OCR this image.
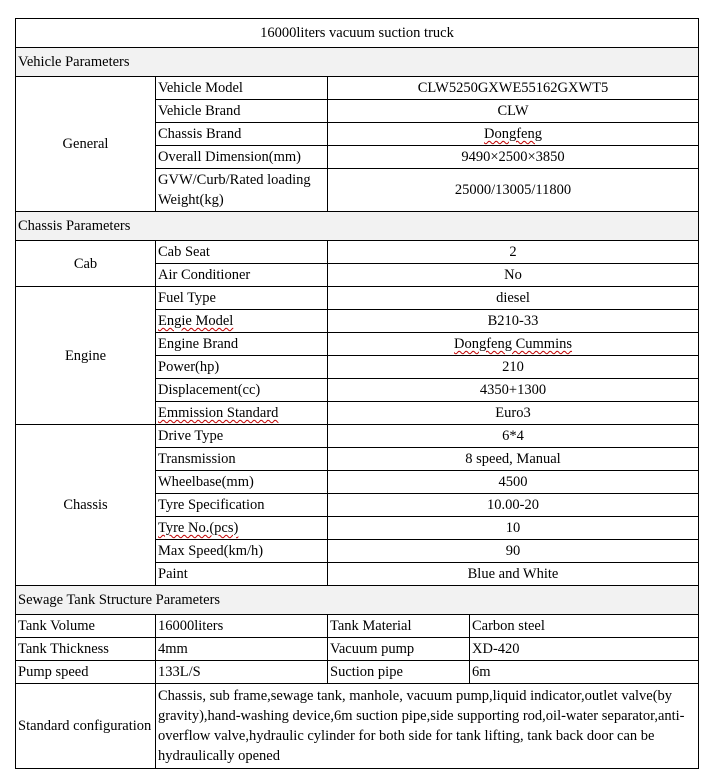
16000liters vacuum suction truck			
Vehicle Parameters			
General	Vehicle Model	CLW5250GXWE55162GXWT5	
	Vehicle Brand	CLW	
	Chassis Brand	Dongfeng	
	Overall Dimension(mm)	9490×2500×3850	
	GVW/Curb/Rated loading Weight(kg)	25000/13005/11800	
Chassis Parameters			
Cab	Cab Seat	2	
	Air Conditioner	No	
Engine	Fuel Type	diesel	
	Engie Model	B210-33	
	Engine Brand	Dongfeng Cummins	
	Power(hp)	210	
	Displacement(cc)	4350+1300	
	Emmission Standard	Euro3	
Chassis	Drive Type	6*4	
	Transmission	8 speed, Manual	
	Wheelbase(mm)	4500	
	Tyre Specification	10.00-20	
	Tyre No.(pcs)	10	
	Max Speed(km/h)	90	
	Paint	Blue and White	
Sewage Tank Structure Parameters			
Tank Volume	16000liters	Tank Material	Carbon steel
Tank Thickness	4mm	Vacuum pump	XD-420
Pump speed	133L/S	Suction pipe	6m
Standard configuration	Chassis, sub frame,sewage tank, manhole, vacuum pump,liquid indicator,outlet valve(by gravity),hand-washing device,6m suction pipe,side supporting rod,oil-water separator,anti-overflow valve,hydraulic cylinder for both side for tank lifting, tank back door can be hydraulically opened		
